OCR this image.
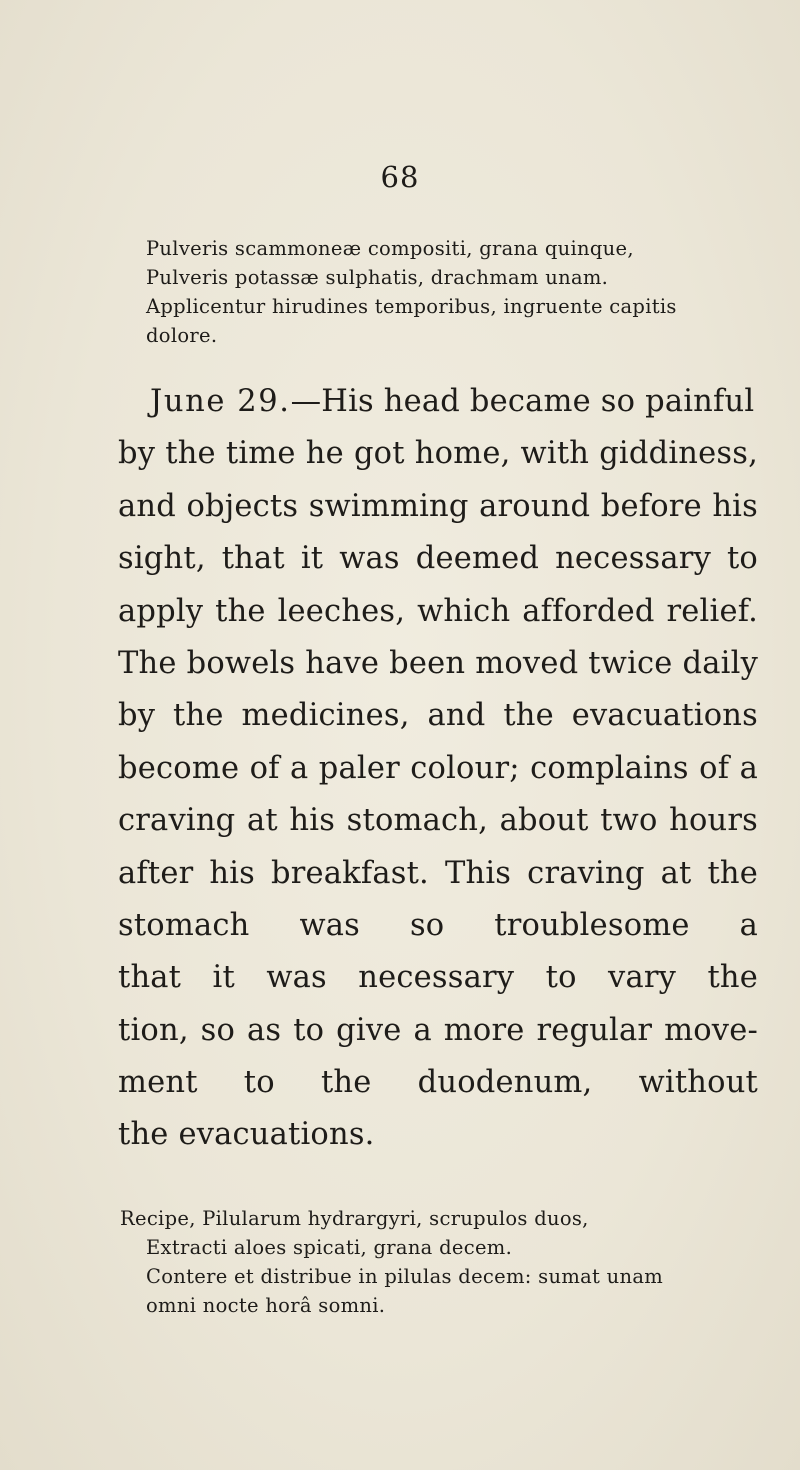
68
Pulveris scammoneæ compositi, grana quinque,
Pulveris potassæ sulphatis, drachmam unam.
Applicentur hirudines temporibus, ingruente capitis
dolore.
June 29.—His head became so painful
by the time he got home, with giddiness,
and objects swimming around before his
sight, that it was deemed necessary to
apply the leeches, which afforded relief.
The bowels have been moved twice daily
by the medicines, and the evacuations
become of a paler colour; complains of a
craving at his stomach, about two hours
after his breakfast. This craving at the
stomach was so troublesome a
that it was necessary to vary the
tion, so as to give a more regular move-
ment to the duodenum, without
the evacuations.
Recipe, Pilularum hydrargyri, scrupulos duos,
Extracti aloes spicati, grana decem.
Contere et distribue in pilulas decem: sumat unam
omni nocte horâ somni.
